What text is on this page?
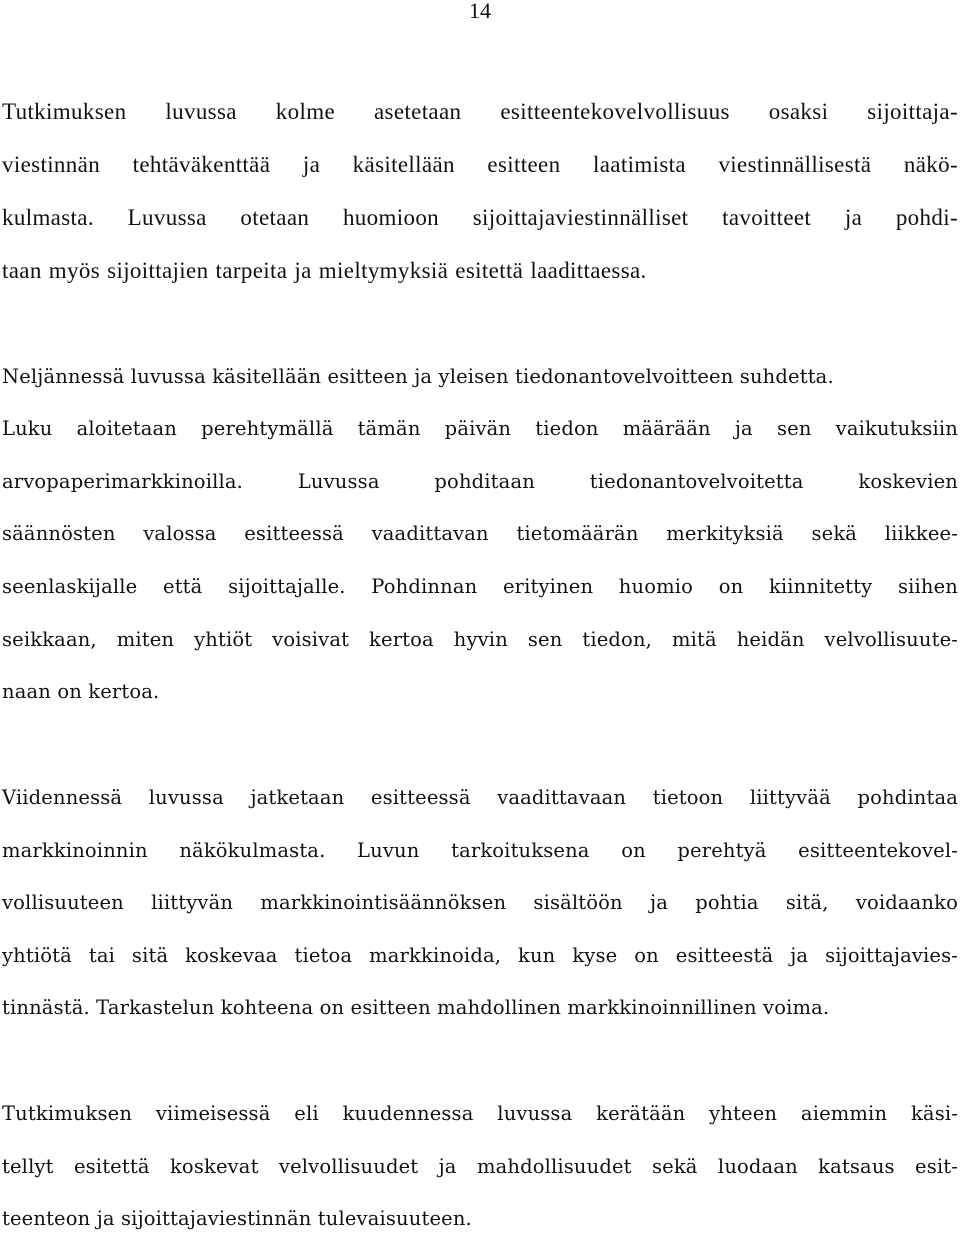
14
Tutkimuksen luvussa kolme asetetaan esitteentekovelvollisuus osaksi sijoittaja-
viestinnän tehtäväkenttää ja käsitellään esitteen laatimista viestinnällisestä näkö-
kulmasta. Luvussa otetaan huomioon sijoittajaviestinnälliset tavoitteet ja pohdi-
taan myös sijoittajien tarpeita ja mieltymyksiä esitettä laadittaessa.
Neljännessä luvussa käsitellään esitteen ja yleisen tiedonantovelvoitteen suhdetta.
Luku aloitetaan perehtymällä tämän päivän tiedon määrään ja sen vaikutuksiin
arvopaperimarkkinoilla. Luvussa pohditaan tiedonantovelvoitetta koskevien
säännösten valossa esitteessä vaadittavan tietomäärän merkityksiä sekä liikkee-
seenlaskijalle että sijoittajalle. Pohdinnan erityinen huomio on kiinnitetty siihen
seikkaan, miten yhtiöt voisivat kertoa hyvin sen tiedon, mitä heidän velvollisuute-
naan on kertoa.
Viidennessä luvussa jatketaan esitteessä vaadittavaan tietoon liittyvää pohdintaa
markkinoinnin näkökulmasta. Luvun tarkoituksena on perehtyä esitteentekovel-
vollisuuteen liittyvän markkinointisäännöksen sisältöön ja pohtia sitä, voidaanko
yhtiötä tai sitä koskevaa tietoa markkinoida, kun kyse on esitteestä ja sijoittajavies-
tinnästä. Tarkastelun kohteena on esitteen mahdollinen markkinoinnillinen voima.
Tutkimuksen viimeisessä eli kuudennessa luvussa kerätään yhteen aiemmin käsi-
tellyt esitettä koskevat velvollisuudet ja mahdollisuudet sekä luodaan katsaus esit-
teenteon ja sijoittajaviestinnän tulevaisuuteen.
